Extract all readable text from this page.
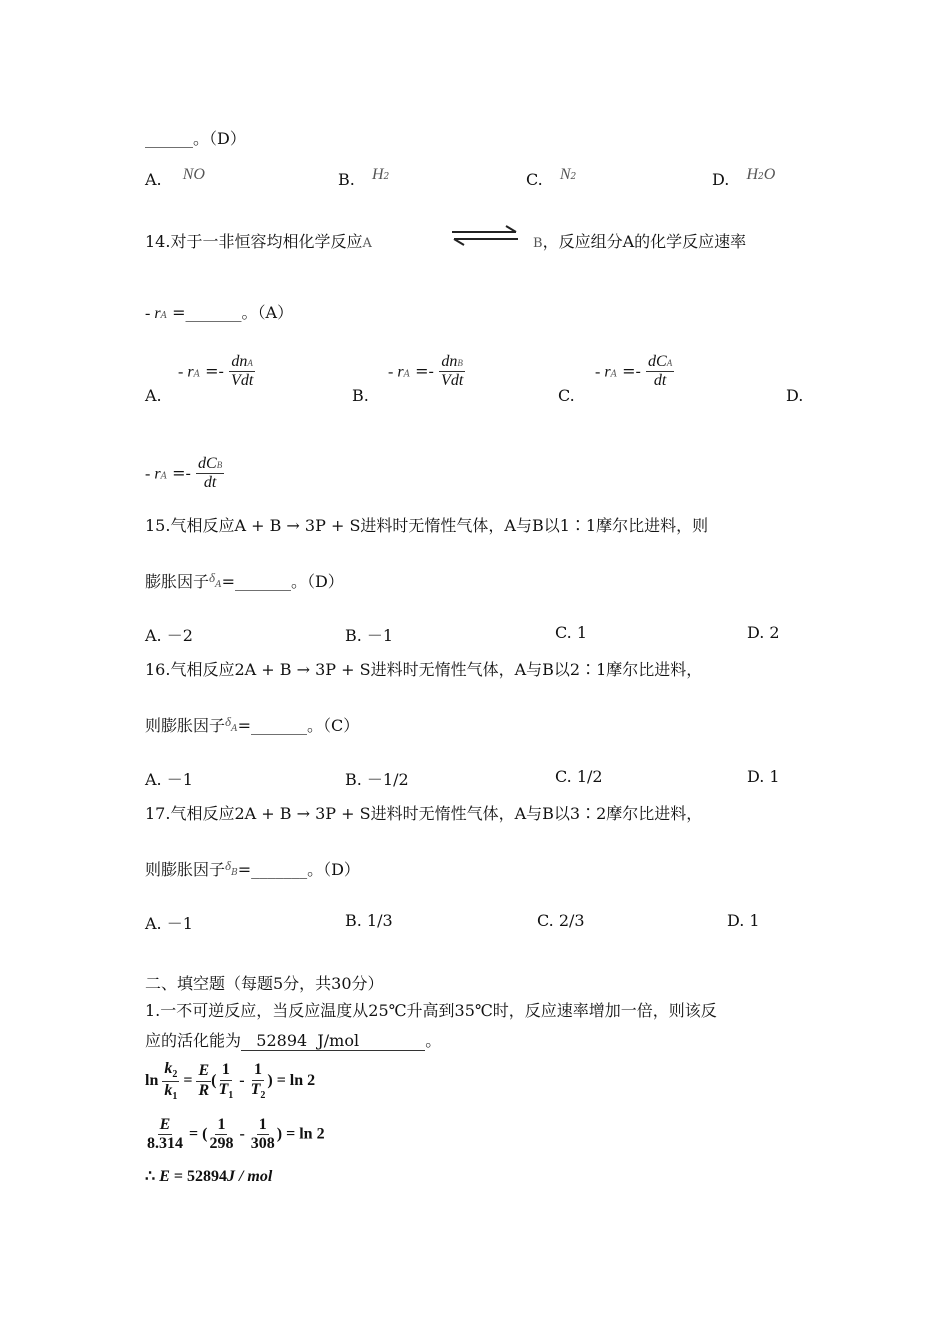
______。（D）
A. NO	B. H2	C. N2	D. H2O
14.对于一非恒容均相化学反应A	B，反应组分A的化学反应速率
- rA =_______。（A）
A.
- rA =- $\frac{\text{dnA}}{\text{Vdt}}$
B.
- rA =- $\frac{\text{dnB}}{\text{Vdt}}$
C.
- rA =- $\frac{\text{dCA}}{dt}$
D.
- rA =- $\frac{\text{dCB}}{dt}$
15.气相反应A + B → 3P + S进料时无惰性气体，A与B以1∶1摩尔比进料，则
膨胀因子$^\delta$A=_______。（D）
A. －2	B. －1	C. 1	D. 2
16.气相反应2A + B → 3P + S进料时无惰性气体，A与B以2∶1摩尔比进料，
则膨胀因子$^\delta$A=_______。（C）
A. －1	B. －1/2	C. 1/2	D. 1
17.气相反应2A + B → 3P + S进料时无惰性气体，A与B以3∶2摩尔比进料，
则膨胀因子$^\delta$B=_______。（D）
A. －1	B. 1/3	C. 2/3	D. 1
二、填空题（每题5分，共30分）
1.一不可逆反应，当反应温度从25℃升高到35℃时，反应速率增加一倍，则该反
应的活化能为   52894  J/mol             。
$\ln \frac{k_2}{k_1} = \frac{E}{R}$ ( $\frac{1}{T_1} - \frac{1}{T_2}$ ) = ln 2
$\frac{E}{8.314}$ = ( $\frac{1}{298} - \frac{1}{308}$ ) = ln 2
∴ E = 52894J / mol
